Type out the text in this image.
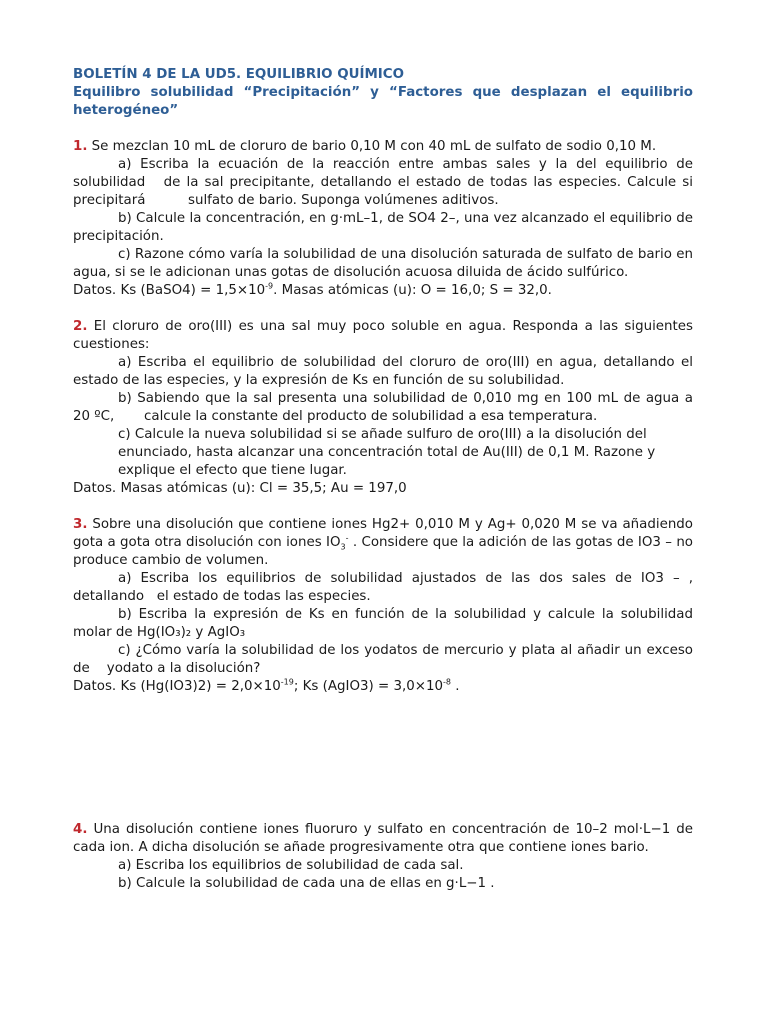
BOLETÍN 4 DE LA UD5. EQUILIBRIO QUÍMICO

Equilibro solubilidad “Precipitación” y “Factores que desplazan el equilibrio heterogéneo”

1. Se mezclan 10 mL de cloruro de bario 0,10 M con 40 mL de sulfato de sodio 0,10 M.

a) Escriba la ecuación de la reacción entre ambas sales y la del equilibrio de solubilidad   de la sal precipitante, detallando el estado de todas las especies. Calcule si precipitará          sulfato de bario. Suponga volúmenes aditivos.

b) Calcule la concentración, en g·mL–1, de SO4 2–, una vez alcanzado el equilibrio de            precipitación.

c) Razone cómo varía la solubilidad de una disolución saturada de sulfato de bario en       agua, si se le adicionan unas gotas de disolución acuosa diluida de ácido sulfúrico.

Datos. Ks (BaSO4) = $1,5\times 10^{-9}$. Masas atómicas (u): O = 16,0; S = 32,0.

2. El cloruro de oro(III) es una sal muy poco soluble en agua. Responda a las siguientes cuestiones:

a) Escriba el equilibrio de solubilidad del cloruro de oro(III) en agua, detallando el       estado de las especies, y la expresión de Ks en función de su solubilidad.

b) Sabiendo que la sal presenta una solubilidad de 0,010 mg en 100 mL de agua a 20 ºC,       calcule la constante del producto de solubilidad a esa temperatura.

c) Calcule la nueva solubilidad si se añade sulfuro de oro(III) a la disolución del

enunciado, hasta alcanzar una concentración total de Au(III) de 0,1 M. Razone y

explique el efecto que tiene lugar.

Datos. Masas atómicas (u): Cl = 35,5; Au = 197,0

3. Sobre una disolución que contiene iones Hg2+ 0,010 M y Ag+ 0,020 M se va añadiendo gota a gota otra disolución con iones $IO_3^-$ . Considere que la adición de las gotas de IO3 – no produce cambio de volumen.

a) Escriba los equilibrios de solubilidad ajustados de las dos sales de IO3 – , detallando   el estado de todas las especies.

b) Escriba la expresión de Ks en función de la solubilidad y calcule la solubilidad molar de Hg(IO₃)₂ y AgIO₃

c) ¿Cómo varía la solubilidad de los yodatos de mercurio y plata al añadir un exceso de    yodato a la disolución?

Datos. Ks $(Hg(IO3)2) = 2,0\times 10^{-19}$; Ks (AgIO3) = $3,0\times 10^{-8}$ .

4. Una disolución contiene iones fluoruro y sulfato en concentración de 10–2 mol·L−1 de cada ion. A dicha disolución se añade progresivamente otra que contiene iones bario.

a) Escriba los equilibrios de solubilidad de cada sal.

b) Calcule la solubilidad de cada una de ellas en g·L−1 .
